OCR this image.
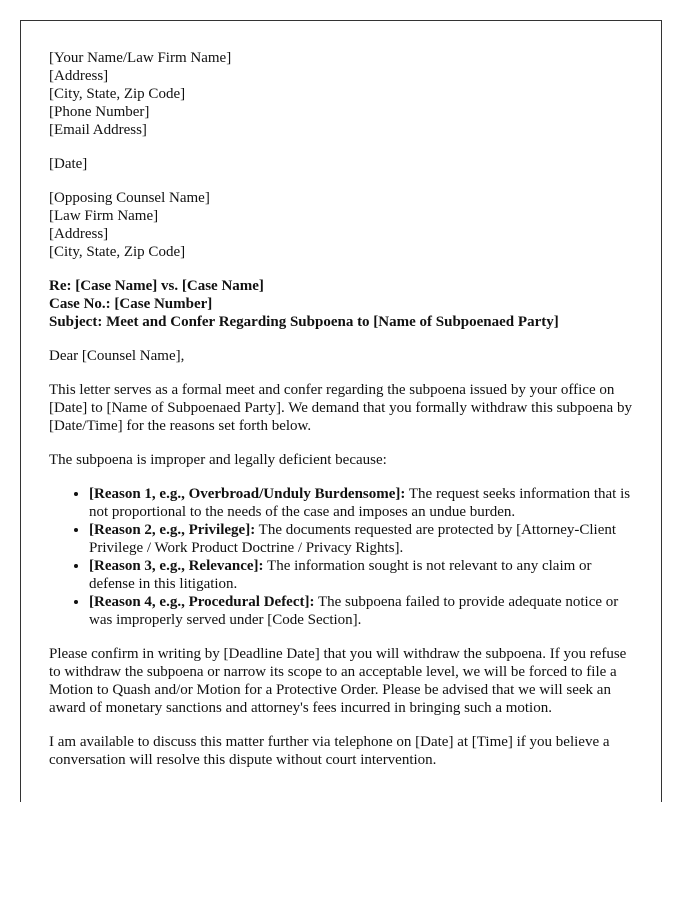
[Your Name/Law Firm Name]
[Address]
[City, State, Zip Code]
[Phone Number]
[Email Address]

[Date]

[Opposing Counsel Name]
[Law Firm Name]
[Address]
[City, State, Zip Code]

Re: [Case Name] vs. [Case Name]
Case No.: [Case Number]
Subject: Meet and Confer Regarding Subpoena to [Name of Subpoenaed Party]

Dear [Counsel Name],

This letter serves as a formal meet and confer regarding the subpoena issued by your office on [Date] to [Name of Subpoenaed Party]. We demand that you formally withdraw this subpoena by [Date/Time] for the reasons set forth below.

The subpoena is improper and legally deficient because:

• [Reason 1, e.g., Overbroad/Unduly Burdensome]: The request seeks information that is not proportional to the needs of the case and imposes an undue burden.
• [Reason 2, e.g., Privilege]: The documents requested are protected by [Attorney-Client Privilege / Work Product Doctrine / Privacy Rights].
• [Reason 3, e.g., Relevance]: The information sought is not relevant to any claim or defense in this litigation.
• [Reason 4, e.g., Procedural Defect]: The subpoena failed to provide adequate notice or was improperly served under [Code Section].

Please confirm in writing by [Deadline Date] that you will withdraw the subpoena. If you refuse to withdraw the subpoena or narrow its scope to an acceptable level, we will be forced to file a Motion to Quash and/or Motion for a Protective Order. Please be advised that we will seek an award of monetary sanctions and attorney's fees incurred in bringing such a motion.

I am available to discuss this matter further via telephone on [Date] at [Time] if you believe a conversation will resolve this dispute without court intervention.
